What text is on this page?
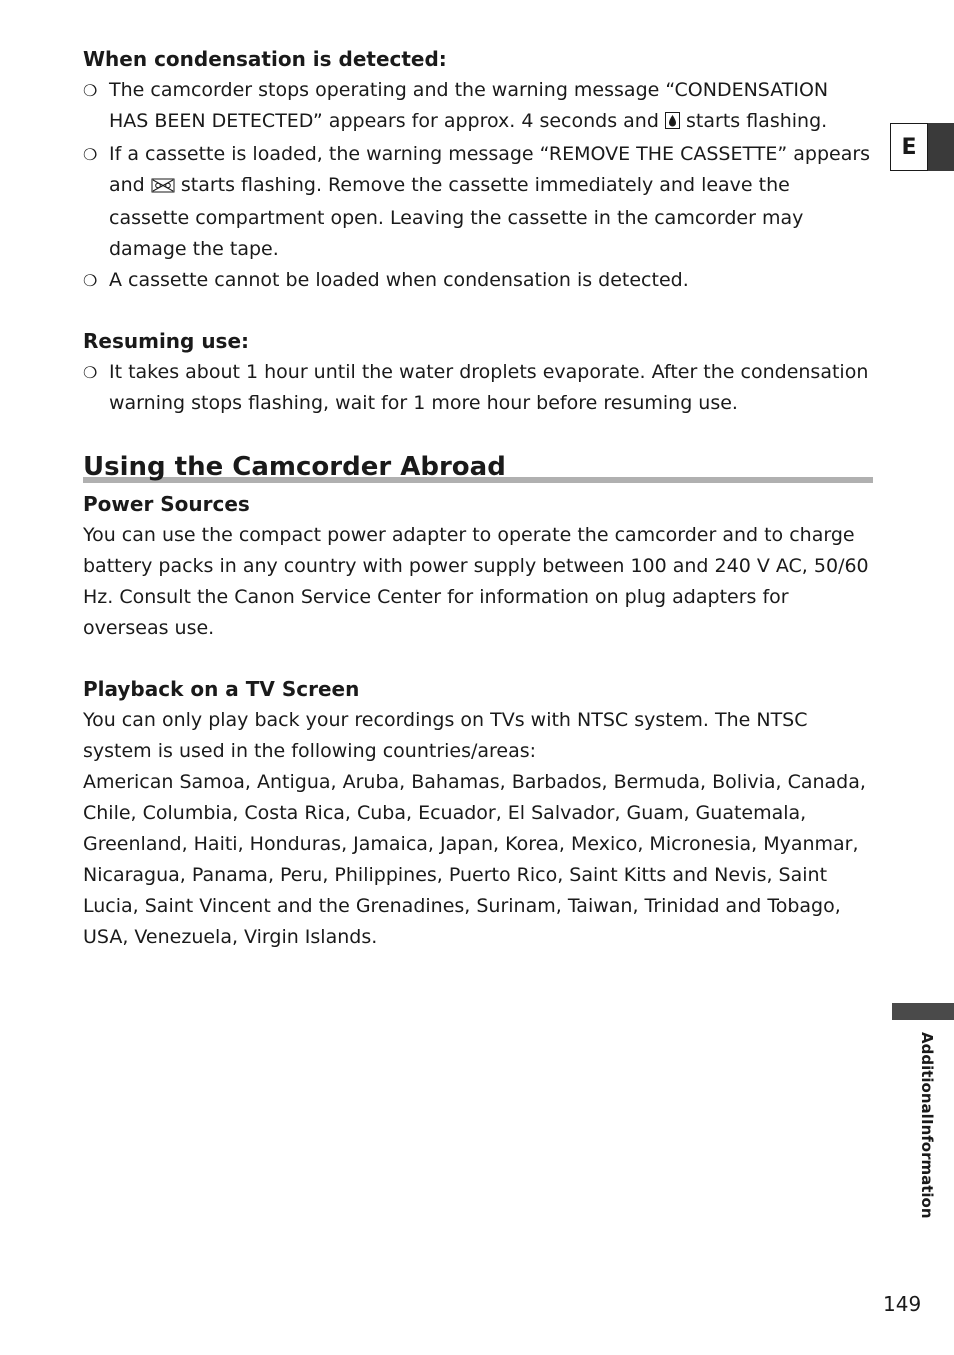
When condensation is detected:

❍ The camcorder stops operating and the warning message “CONDENSATION HAS BEEN DETECTED” appears for approx. 4 seconds and starts flashing.

❍ If a cassette is loaded, the warning message “REMOVE THE CASSETTE” appears and starts flashing. Remove the cassette immediately and leave the cassette compartment open. Leaving the cassette in the camcorder may damage the tape.

❍ A cassette cannot be loaded when condensation is detected.

Resuming use:

❍ It takes about 1 hour until the water droplets evaporate. After the condensation warning stops flashing, wait for 1 more hour before resuming use.

Using the Camcorder Abroad

Power Sources

You can use the compact power adapter to operate the camcorder and to charge battery packs in any country with power supply between 100 and 240 V AC, 50/60 Hz. Consult the Canon Service Center for information on plug adapters for overseas use.

Playback on a TV Screen

You can only play back your recordings on TVs with NTSC system. The NTSC system is used in the following countries/areas:

American Samoa, Antigua, Aruba, Bahamas, Barbados, Bermuda, Bolivia, Canada, Chile, Columbia, Costa Rica, Cuba, Ecuador, El Salvador, Guam, Guatemala, Greenland, Haiti, Honduras, Jamaica, Japan, Korea, Mexico, Micronesia, Myanmar, Nicaragua, Panama, Peru, Philippines, Puerto Rico, Saint Kitts and Nevis, Saint Lucia, Saint Vincent and the Grenadines, Surinam, Taiwan, Trinidad and Tobago, USA, Venezuela, Virgin Islands.

E
Additional
Information
149
